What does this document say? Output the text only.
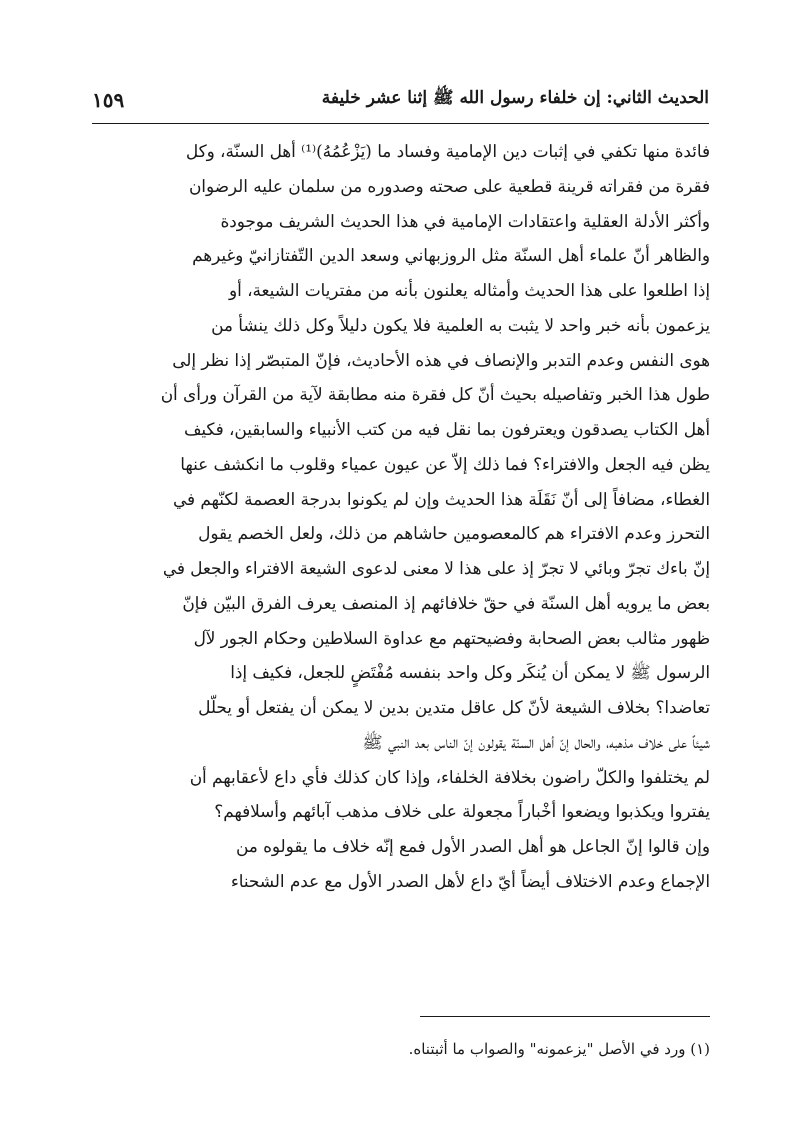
الحديث الثاني: إن خلفاء رسول الله ﷺ إثنا عشر خليفة
١٥٩
فائدة منها تكفي في إثبات دين الإمامية وفساد ما (يَزْعُمُهُ)⁽¹⁾ أهل السنّة، وكل
فقرة من فقراته قرينة قطعية على صحته وصدوره من سلمان عليه الرضوان
وأكثر الأدلة العقلية واعتقادات الإمامية في هذا الحديث الشريف موجودة
والظاهر أنّ علماء أهل السنّة مثل الروزبهاني وسعد الدين التّفتازانيّ وغيرهم
إذا اطلعوا على هذا الحديث وأمثاله يعلنون بأنه من مفتريات الشيعة، أو
يزعمون بأنه خبر واحد لا يثبت به العلمية فلا يكون دليلاً وكل ذلك ينشأ من
هوى النفس وعدم التدبر والإنصاف في هذه الأحاديث، فإنّ المتبصّر إذا نظر إلى
طول هذا الخبر وتفاصيله بحيث أنّ كل فقرة منه مطابقة لآية من القرآن ورأى أن
أهل الكتاب يصدقون ويعترفون بما نقل فيه من كتب الأنبياء والسابقين، فكيف
يظن فيه الجعل والافتراء؟ فما ذلك إلاّ عن عيون عمياء وقلوب ما انكشف عنها
الغطاء، مضافاً إلى أنّ نَقَلَة هذا الحديث وإن لم يكونوا بدرجة العصمة لكنّهم في
التحرز وعدم الافتراء هم كالمعصومين حاشاهم من ذلك، ولعل الخصم يقول
إنّ باءك تجرّ وبائي لا تجرّ إذ على هذا لا معنى لدعوى الشيعة الافتراء والجعل في
بعض ما يرويه أهل السنّة في حقّ خلافائهم إذ المنصف يعرف الفرق البيّن فإنّ
ظهور مثالب بعض الصحابة وفضيحتهم مع عداوة السلاطين وحكام الجور لآل
الرسول ﷺ لا يمكن أن يُنكَر وكل واحد بنفسه مُفْتَضٍ للجعل، فكيف إذا
تعاضدا؟ بخلاف الشيعة لأنّ كل عاقل متدين بدين لا يمكن أن يفتعل أو يحلّل
شيئاً على خلاف مذهبه، والحال إنّ أهل السنّة يقولون إنّ الناس بعد النبي ﷺ
لم يختلفوا والكلّ راضون بخلافة الخلفاء، وإذا كان كذلك فأي داع لأعقابهم أن
يفتروا ويكذبوا ويضعوا أخْباراً مجعولة على خلاف مذهب آبائهم وأسلافهم؟
وإن قالوا إنّ الجاعل هو أهل الصدر الأول فمع إنّه خلاف ما يقولوه من
الإجماع وعدم الاختلاف أيضاً أيّ داع لأهل الصدر الأول مع عدم الشحناء
(١) ورد في الأصل "يزعمونه" والصواب ما أثبتناه.
